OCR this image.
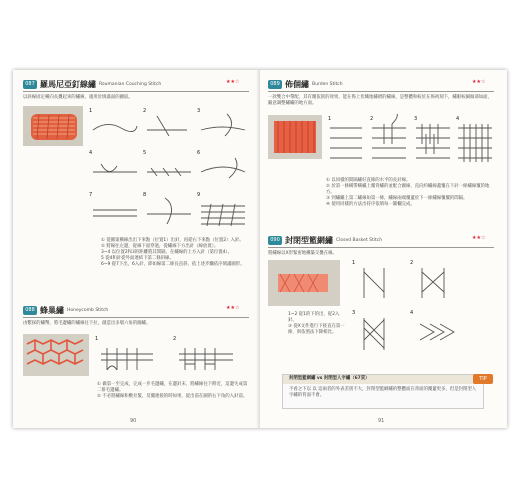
087 羅馬尼亞釘線繡 Roumanian Couching Stitch	★★☆
以斜線固定橫向長疊起來的繡線，適用於填滿面的圖紋。
1	2	3
4	5	6
7	8	9
① 從圖案橫線出出下來點（位置1）出針，再從右下來點（位置2）入針。
② 將線往左邊，從線下面穿過，從繡線下方出針（線放寬）。
3~4 以位置2和3的距離將其間隔，在繡線的上方入針（第位置4）。
5 從4和針從外面連結下第二條斜線。
6~9 從7下出，6入針，即如線第二條長直斜，依上述步驟依序填滿圖形。
088 蜂巢繡 Honeycomb Stitch	★★☆
由繫採的繡幣，將毛邊繡的繡線往下拉，創造出多層六角的圖繡。
1	2
① 做第一至完成，完成一步毛邊繡，在邊針末，將繡線往下附近，這邊失成第二排毛邊繡。
② 不必將繡線和敷拉緊，反覆連接的時如果，從出前在圖的右下角的入針前。
90
089 佈個繡 Burden Stitch	★★☆
一款雙合中帶配，其有覆依嵌的效果、能在佈上伏織地繡褶的繡線，是整體和較於在佈初刻下，繡眼較細做部如面，隨意調整繡繡的地方面。
1	2	3	4
① 以同樣的間隔繡好直條的水平的長針線。
② 於第一條橫帶橫繡上覆背繡的並配合圖線，直向約繡線蓋覆在下針一條繡線覆的地方。
③ 到繡繡上第二繡線如第一條，繡線兩端覆蓋於下一條繡線覆覆的間隔。
④ 使用同樣的方法出持序依填每一圓欄完成。
090 封閉型籃網繡 Closed Basket Stitch	★★☆
將繡線以X形緊密地構築交疊在線。
1	2
3	4
1~2 從1的下的出，從2入針。
③ 從X文件進行下接直在第一條，與依照法下降相比。
TIP
封閉型籃網繡 vs 封閉型人字繡（67頁）
不看之下以 以 這兩者的外表差別不大，封閉型籃網繡的整體面在背面的覆蓋更多，但是封閉型人字繡的背面不會。
91
